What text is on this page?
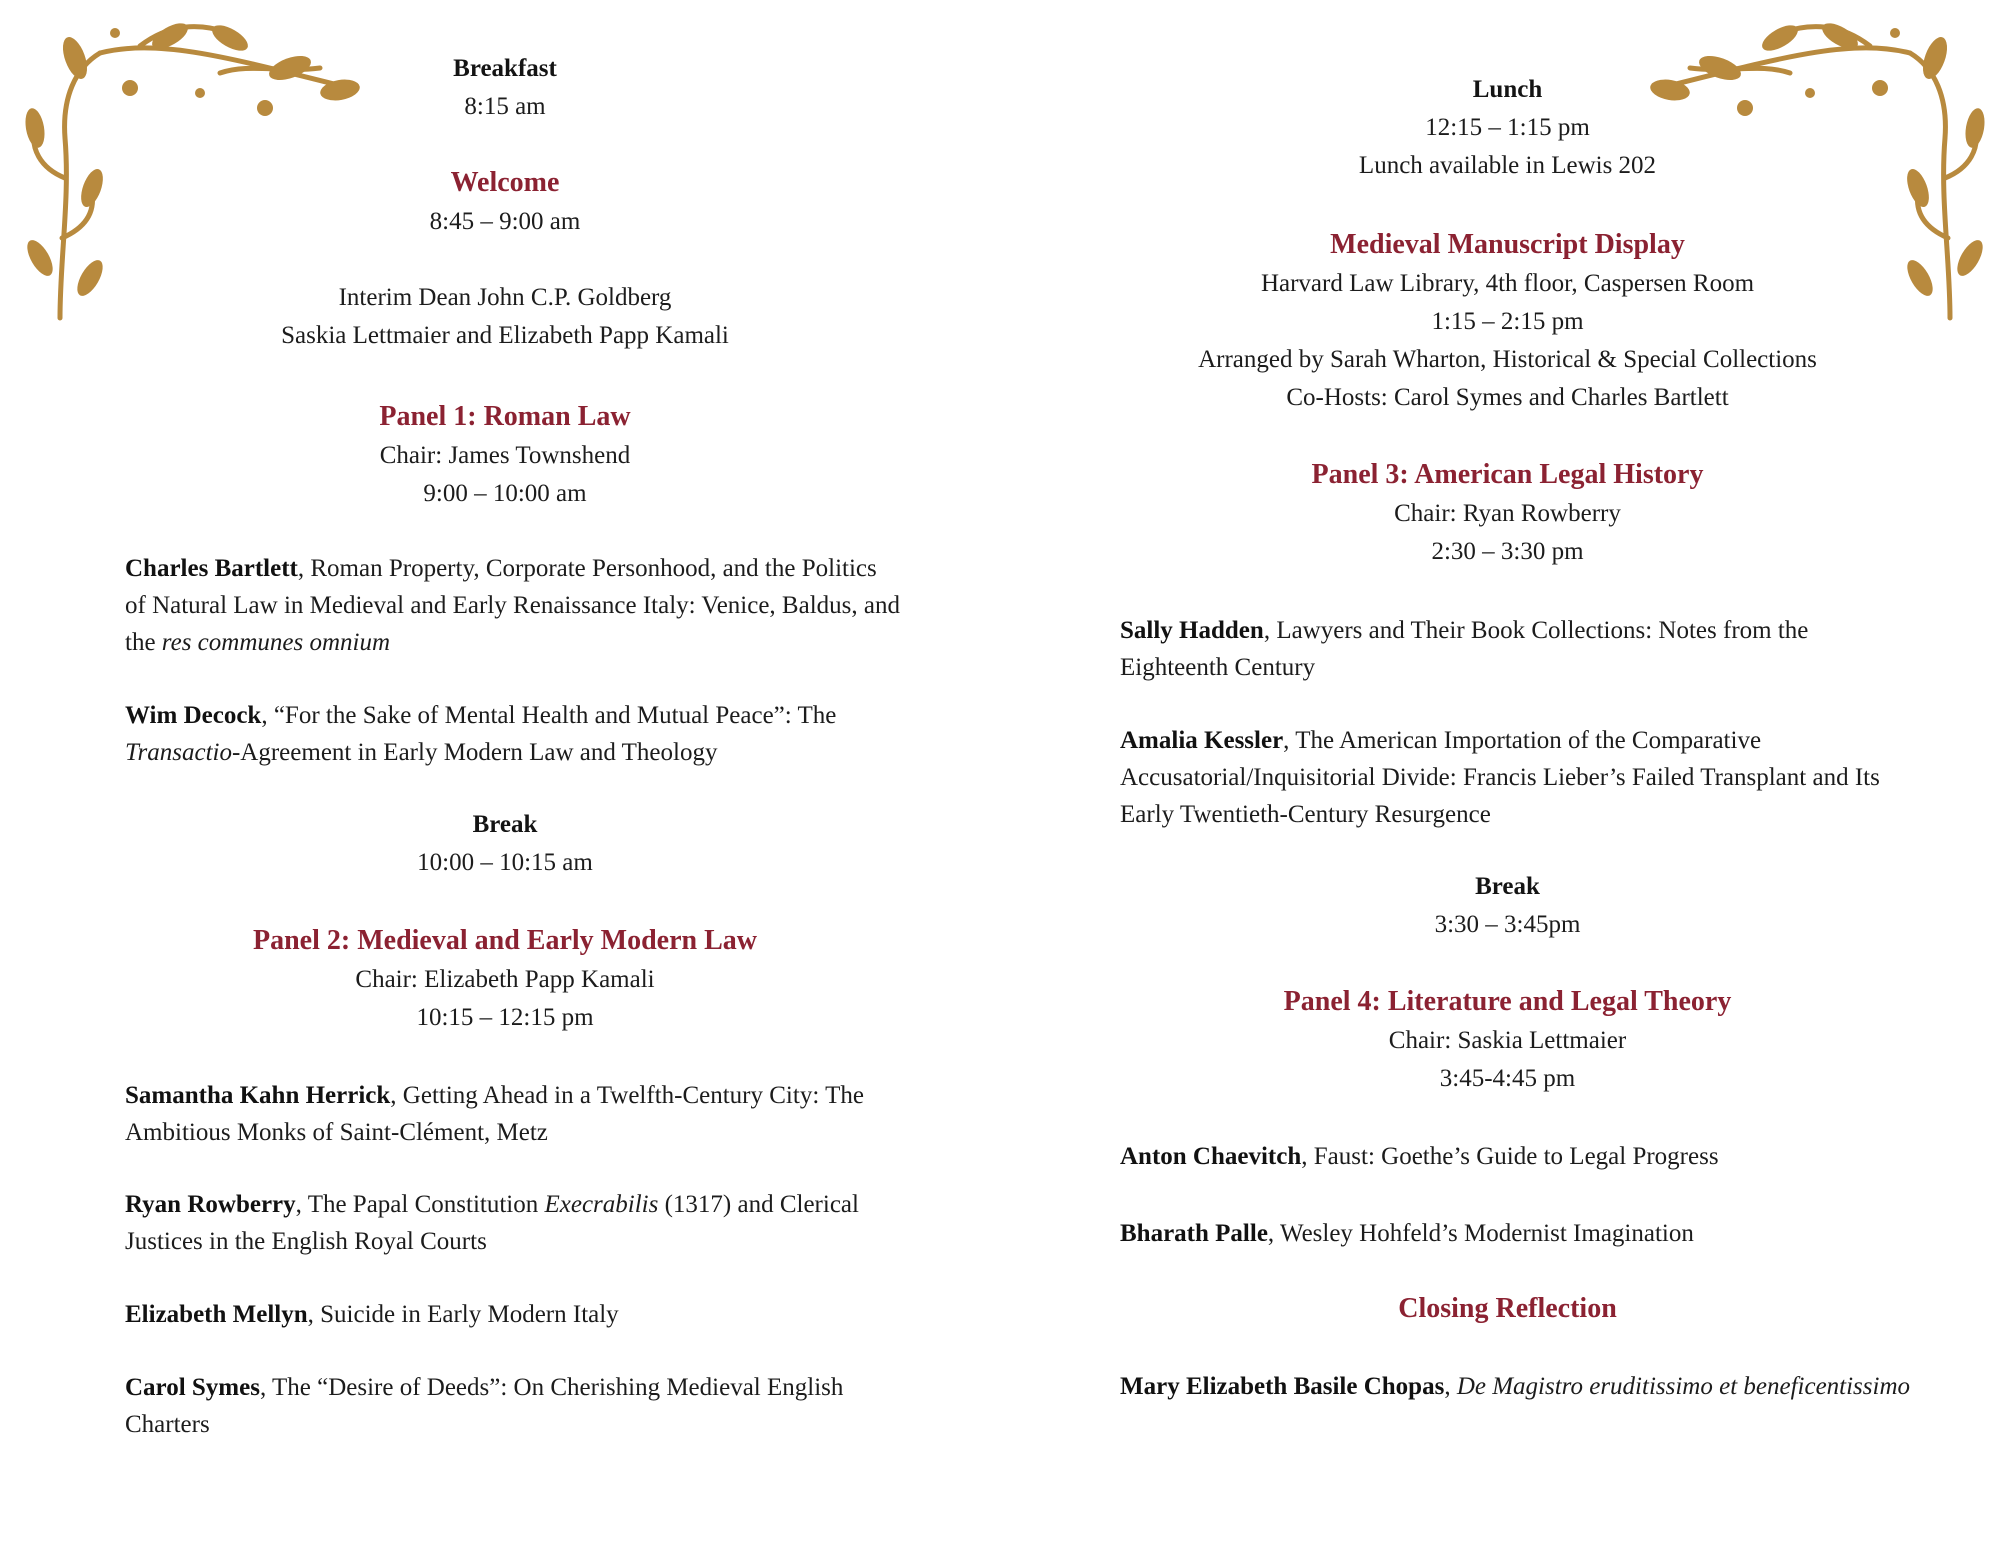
Breakfast
8:15 am
Welcome
8:45 – 9:00 am
Interim Dean John C.P. Goldberg
Saskia Lettmaier and Elizabeth Papp Kamali
Panel 1: Roman Law
Chair: James Townshend
9:00 – 10:00 am

Charles Bartlett, Roman Property, Corporate Personhood, and the Politics of Natural Law in Medieval and Early Renaissance Italy: Venice, Baldus, and the res communes omnium

Wim Decock, “For the Sake of Mental Health and Mutual Peace”: The Transactio-Agreement in Early Modern Law and Theology

Break
10:00 – 10:15 am
Panel 2: Medieval and Early Modern Law
Chair: Elizabeth Papp Kamali
10:15 – 12:15 pm

Samantha Kahn Herrick, Getting Ahead in a Twelfth-Century City: The Ambitious Monks of Saint-Clément, Metz

Ryan Rowberry, The Papal Constitution Execrabilis (1317) and Clerical Justices in the English Royal Courts

Elizabeth Mellyn, Suicide in Early Modern Italy

Carol Symes, The “Desire of Deeds”: On Cherishing Medieval English Charters

Lunch
12:15 – 1:15 pm
Lunch available in Lewis 202
Medieval Manuscript Display
Harvard Law Library, 4th floor, Caspersen Room
1:15 – 2:15 pm
Arranged by Sarah Wharton, Historical & Special Collections
Co-Hosts: Carol Symes and Charles Bartlett
Panel 3: American Legal History
Chair: Ryan Rowberry
2:30 – 3:30 pm

Sally Hadden, Lawyers and Their Book Collections: Notes from the Eighteenth Century

Amalia Kessler, The American Importation of the Comparative Accusatorial/Inquisitorial Divide: Francis Lieber’s Failed Transplant and Its Early Twentieth-Century Resurgence

Break
3:30 – 3:45pm
Panel 4: Literature and Legal Theory
Chair: Saskia Lettmaier
3:45-4:45 pm

Anton Chaevitch, Faust: Goethe’s Guide to Legal Progress

Bharath Palle, Wesley Hohfeld’s Modernist Imagination

Closing Reflection

Mary Elizabeth Basile Chopas, De Magistro eruditissimo et beneficentissimo
